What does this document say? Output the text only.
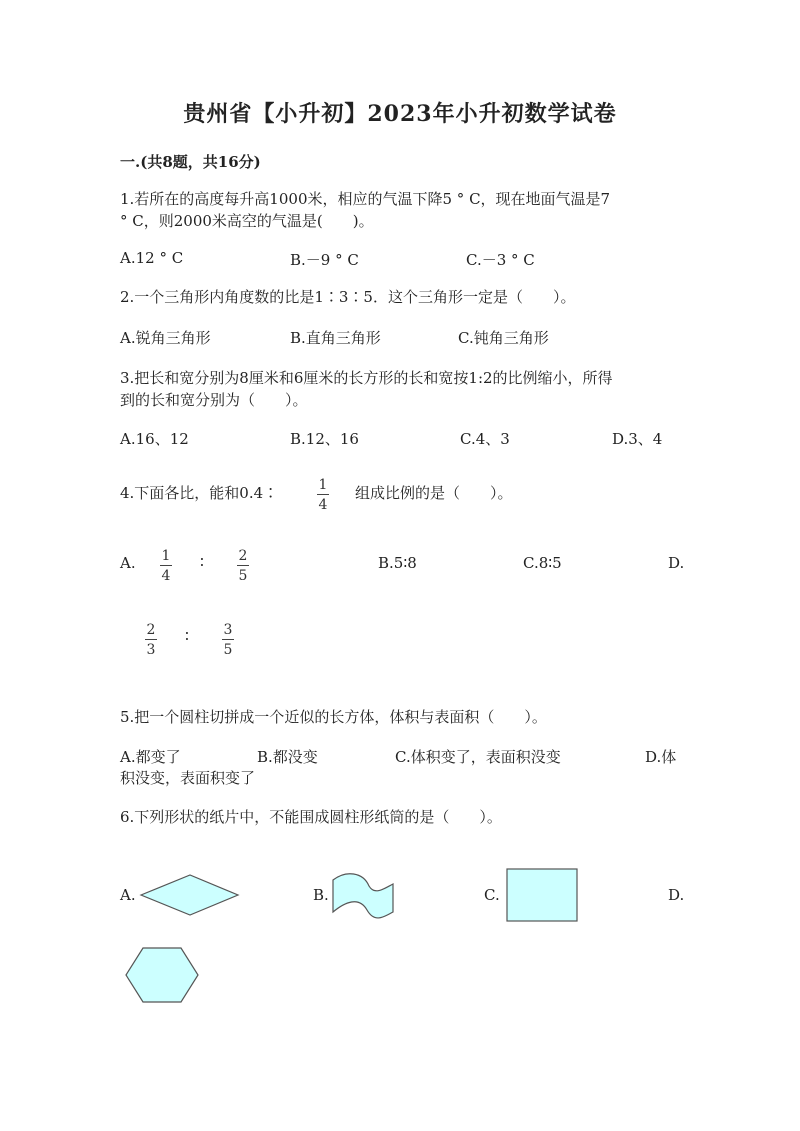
贵州省【小升初】2023年小升初数学试卷
一.(共8题，共16分)
1.若所在的高度每升高1000米，相应的气温下降5 ° C，现在地面气温是7
° C，则2000米高空的气温是(　　)。
A.12 ° C	B.－9 ° C	C.－3 ° C
2.一个三角形内角度数的比是1∶3∶5．这个三角形一定是（　　）。
A.锐角三角形	B.直角三角形	C.钝角三角形
3.把长和宽分别为8厘米和6厘米的长方形的长和宽按1:2的比例缩小，所得
到的长和宽分别为（　　）。
A.16、12	B.12、16	C.4、3	D.3、4
4.下面各比，能和0.4∶	1
4
组成比例的是（　　）。
A. 1
4
∶ 2
5
B.5∶8	C.8∶5	D.
2
3
∶ 3
5
5.把一个圆柱切拼成一个近似的长方体，体积与表面积（　　）。
A.都变了	B.都没变	C.体积变了，表面积没变	D.体
积没变，表面积变了
6.下列形状的纸片中，不能围成圆柱形纸筒的是（　　）。
A.	B.	C.	D.
